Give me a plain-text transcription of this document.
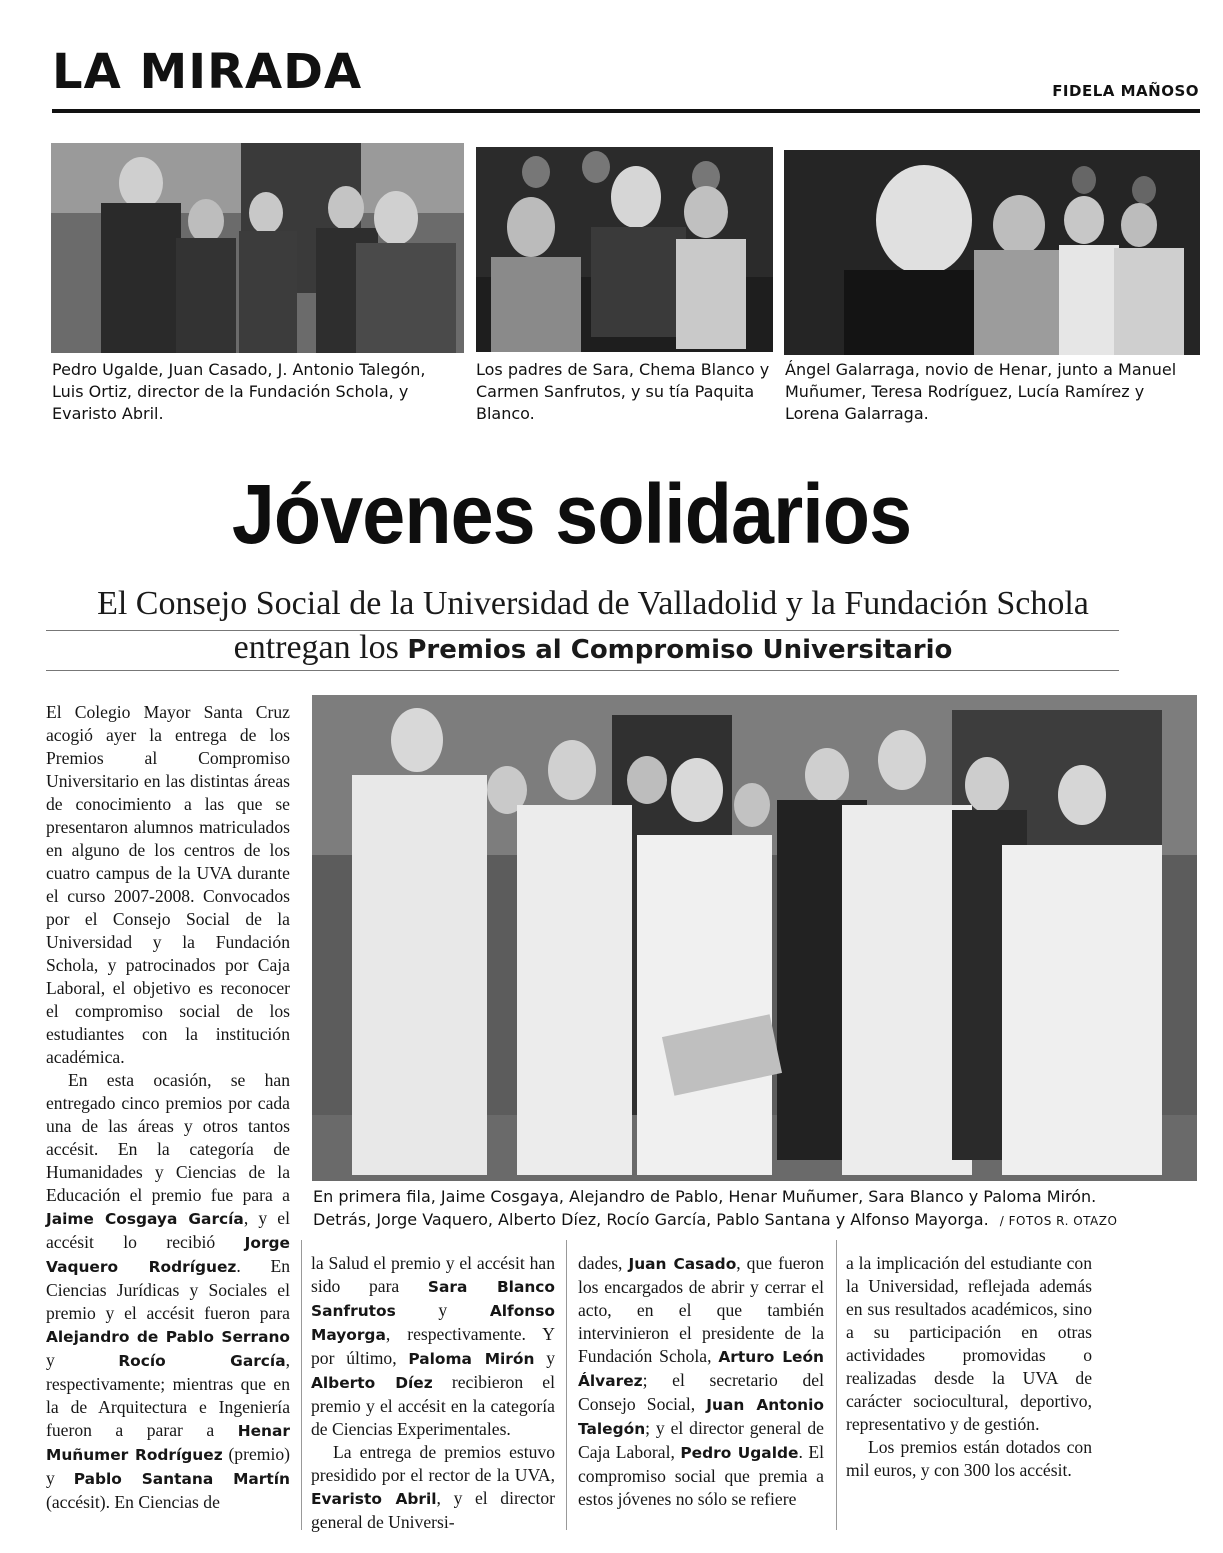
LA MIRADA	FIDELA MAÑOSO
Pedro Ugalde, Juan Casado, J. Antonio Talegón, Luis Ortiz, director de la Fundación Schola, y Evaristo Abril.
Los padres de Sara, Chema Blanco y Carmen Sanfrutos, y su tía Paquita Blanco.
Ángel Galarraga, novio de Henar, junto a Manuel Muñumer, Teresa Rodríguez, Lucía Ramírez y Lorena Galarraga.
Jóvenes solidarios
El Consejo Social de la Universidad de Valladolid y la Fundación Schola
entregan los Premios al Compromiso Universitario
En primera fila, Jaime Cosgaya, Alejandro de Pablo, Henar Muñumer, Sara Blanco y Paloma Mirón.
Detrás, Jorge Vaquero, Alberto Díez, Rocío García, Pablo Santana y Alfonso Mayorga. / FOTOS R. OTAZO

El Colegio Mayor Santa Cruz acogió ayer la entrega de los Premios al Compromiso Universitario en las distintas áreas de conocimiento a las que se presentaron alumnos matriculados en alguno de los centros de los cuatro campus de la UVA durante el curso 2007-2008. Convocados por el Consejo Social de la Universidad y la Fundación Schola, y patrocinados por Caja Laboral, el objetivo es reconocer el compromiso social de los estudiantes con la institución académica.

En esta ocasión, se han entregado cinco premios por cada una de las áreas y otros tantos accésit. En la categoría de Humanidades y Ciencias de la Educación el premio fue para a Jaime Cosgaya García, y el accésit lo recibió Jorge Vaquero Rodríguez. En Ciencias Jurídicas y Sociales el premio y el accésit fueron para Alejandro de Pablo Serrano y Rocío García, respectivamente; mientras que en la de Arquitectura e Ingeniería fueron a parar a Henar Muñumer Rodríguez (premio) y Pablo Santana Martín (accésit). En Ciencias de

la Salud el premio y el accésit han sido para Sara Blanco Sanfrutos y Alfonso Mayorga, respectivamente. Y por último, Paloma Mirón y Alberto Díez recibieron el premio y el accésit en la categoría de Ciencias Experimentales.

La entrega de premios estuvo presidido por el rector de la UVA, Evaristo Abril, y el director general de Universi-

dades, Juan Casado, que fueron los encargados de abrir y cerrar el acto, en el que también intervinieron el presidente de la Fundación Schola, Arturo León Álvarez; el secretario del Consejo Social, Juan Antonio Talegón; y el director general de Caja Laboral, Pedro Ugalde. El compromiso social que premia a estos jóvenes no sólo se refiere

a la implicación del estudiante con la Universidad, reflejada además en sus resultados académicos, sino a su participación en otras actividades promovidas o realizadas desde la UVA de carácter sociocultural, deportivo, representativo y de gestión.

Los premios están dotados con mil euros, y con 300 los accésit.
